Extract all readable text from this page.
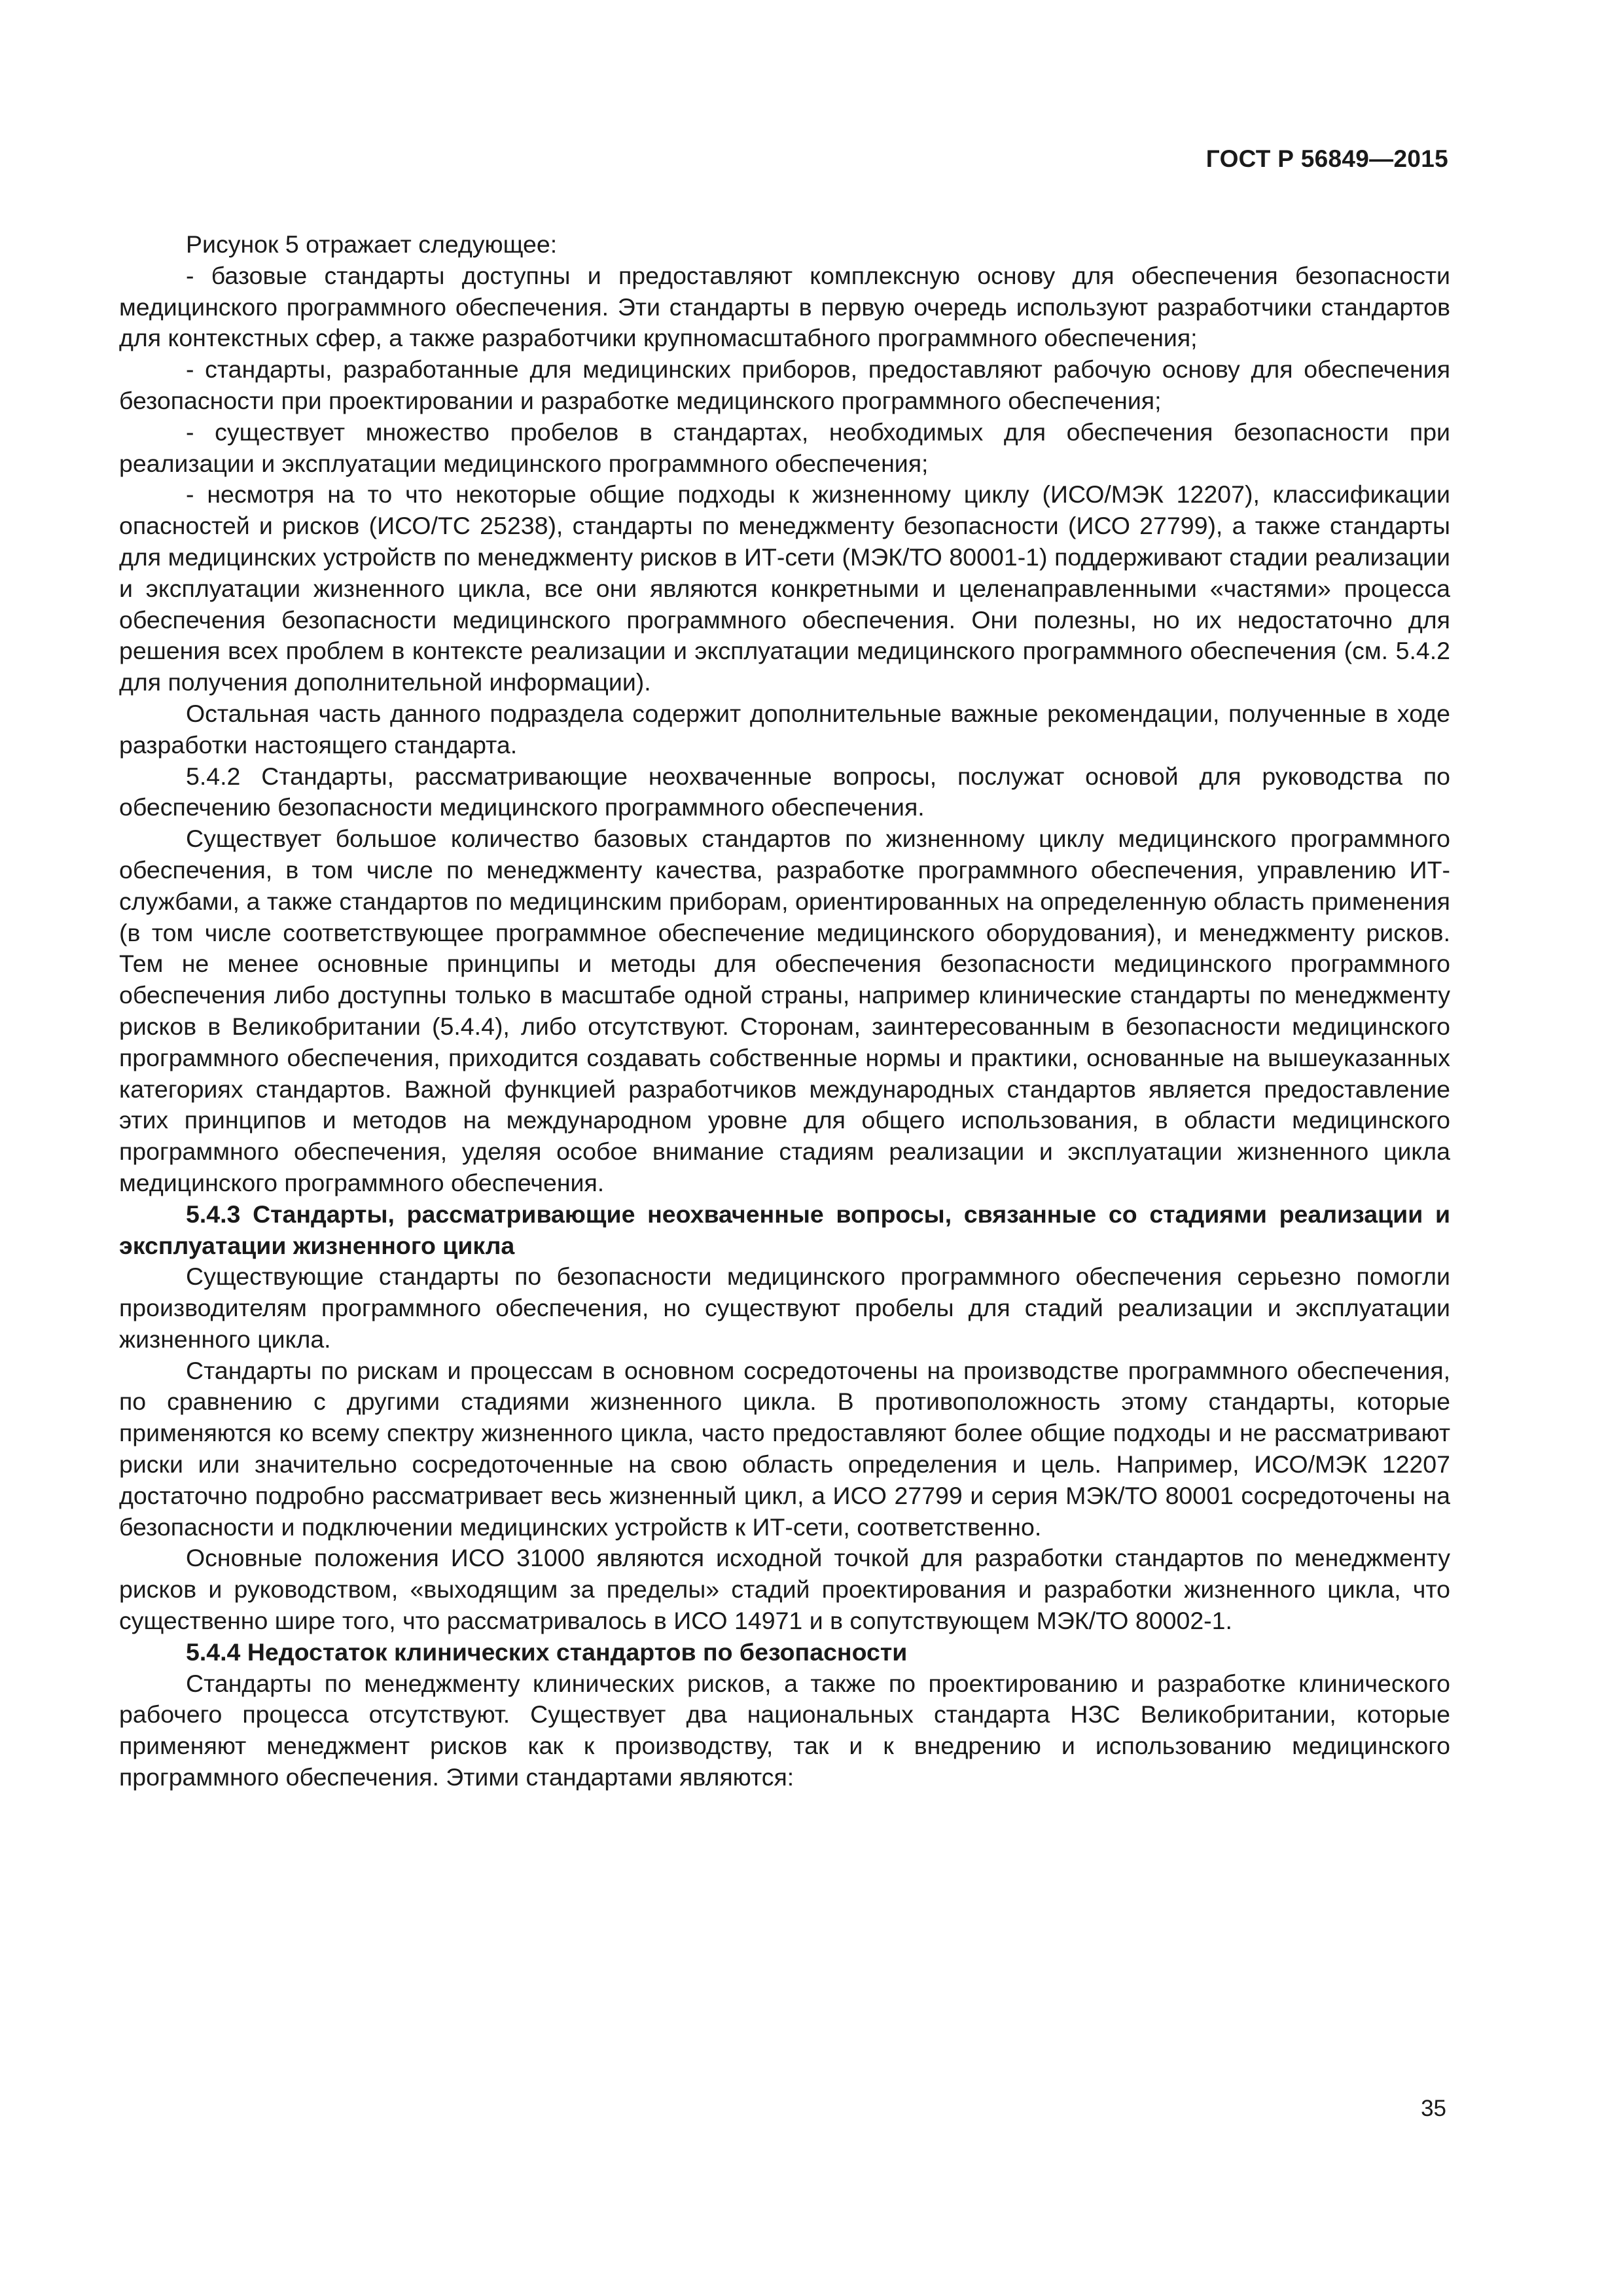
ГОСТ Р 56849—2015

Рисунок 5 отражает следующее:

- базовые стандарты доступны и предоставляют комплексную основу для обеспечения безопасности медицинского программного обеспечения. Эти стандарты в первую очередь используют разработчики стандартов для контекстных сфер, а также разработчики крупномасштабного программного обеспечения;

- стандарты, разработанные для медицинских приборов, предоставляют рабочую основу для обеспечения безопасности при проектировании и разработке медицинского программного обеспечения;

- существует множество пробелов в стандартах, необходимых для обеспечения безопасности при реализации и эксплуатации медицинского программного обеспечения;

- несмотря на то что некоторые общие подходы к жизненному циклу (ИСО/МЭК 12207), классификации опасностей и рисков (ИСО/ТС 25238), стандарты по менеджменту безопасности (ИСО 27799), а также стандарты для медицинских устройств по менеджменту рисков в ИТ-сети (МЭК/ТО 80001-1) поддерживают стадии реализации и эксплуатации жизненного цикла, все они являются конкретными и целенаправленными «частями» процесса обеспечения безопасности медицинского программного обеспечения. Они полезны, но их недостаточно для решения всех проблем в контексте реализации и эксплуатации медицинского программного обеспечения (см. 5.4.2 для получения дополнительной информации).

Остальная часть данного подраздела содержит дополнительные важные рекомендации, полученные в ходе разработки настоящего стандарта.

5.4.2 Стандарты, рассматривающие неохваченные вопросы, послужат основой для руководства по обеспечению безопасности медицинского программного обеспечения.

Существует большое количество базовых стандартов по жизненному циклу медицинского программного обеспечения, в том числе по менеджменту качества, разработке программного обеспечения, управлению ИТ-службами, а также стандартов по медицинским приборам, ориентированных на определенную область применения (в том числе соответствующее программное обеспечение медицинского оборудования), и менеджменту рисков. Тем не менее основные принципы и методы для обеспечения безопасности медицинского программного обеспечения либо доступны только в масштабе одной страны, например клинические стандарты по менеджменту рисков в Великобритании (5.4.4), либо отсутствуют. Сторонам, заинтересованным в безопасности медицинского программного обеспечения, приходится создавать собственные нормы и практики, основанные на вышеуказанных категориях стандартов. Важной функцией разработчиков международных стандартов является предоставление этих принципов и методов на международном уровне для общего использования, в области медицинского программного обеспечения, уделяя особое внимание стадиям реализации и эксплуатации жизненного цикла медицинского программного обеспечения.

5.4.3 Стандарты, рассматривающие неохваченные вопросы, связанные со стадиями реализации и эксплуатации жизненного цикла

Существующие стандарты по безопасности медицинского программного обеспечения серьезно помогли производителям программного обеспечения, но существуют пробелы для стадий реализации и эксплуатации жизненного цикла.

Стандарты по рискам и процессам в основном сосредоточены на производстве программного обеспечения, по сравнению с другими стадиями жизненного цикла. В противоположность этому стандарты, которые применяются ко всему спектру жизненного цикла, часто предоставляют более общие подходы и не рассматривают риски или значительно сосредоточенные на свою область определения и цель. Например, ИСО/МЭК 12207 достаточно подробно рассматривает весь жизненный цикл, а ИСО 27799 и серия МЭК/ТО 80001 сосредоточены на безопасности и подключении медицинских устройств к ИТ-сети, соответственно.

Основные положения ИСО 31000 являются исходной точкой для разработки стандартов по менеджменту рисков и руководством, «выходящим за пределы» стадий проектирования и разработки жизненного цикла, что существенно шире того, что рассматривалось в ИСО 14971 и в сопутствующем МЭК/ТО 80002-1.

5.4.4 Недостаток клинических стандартов по безопасности

Стандарты по менеджменту клинических рисков, а также по проектированию и разработке клинического рабочего процесса отсутствуют. Существует два национальных стандарта НЗС Великобритании, которые применяют менеджмент рисков как к производству, так и к внедрению и использованию медицинского программного обеспечения. Этими стандартами являются:

35
